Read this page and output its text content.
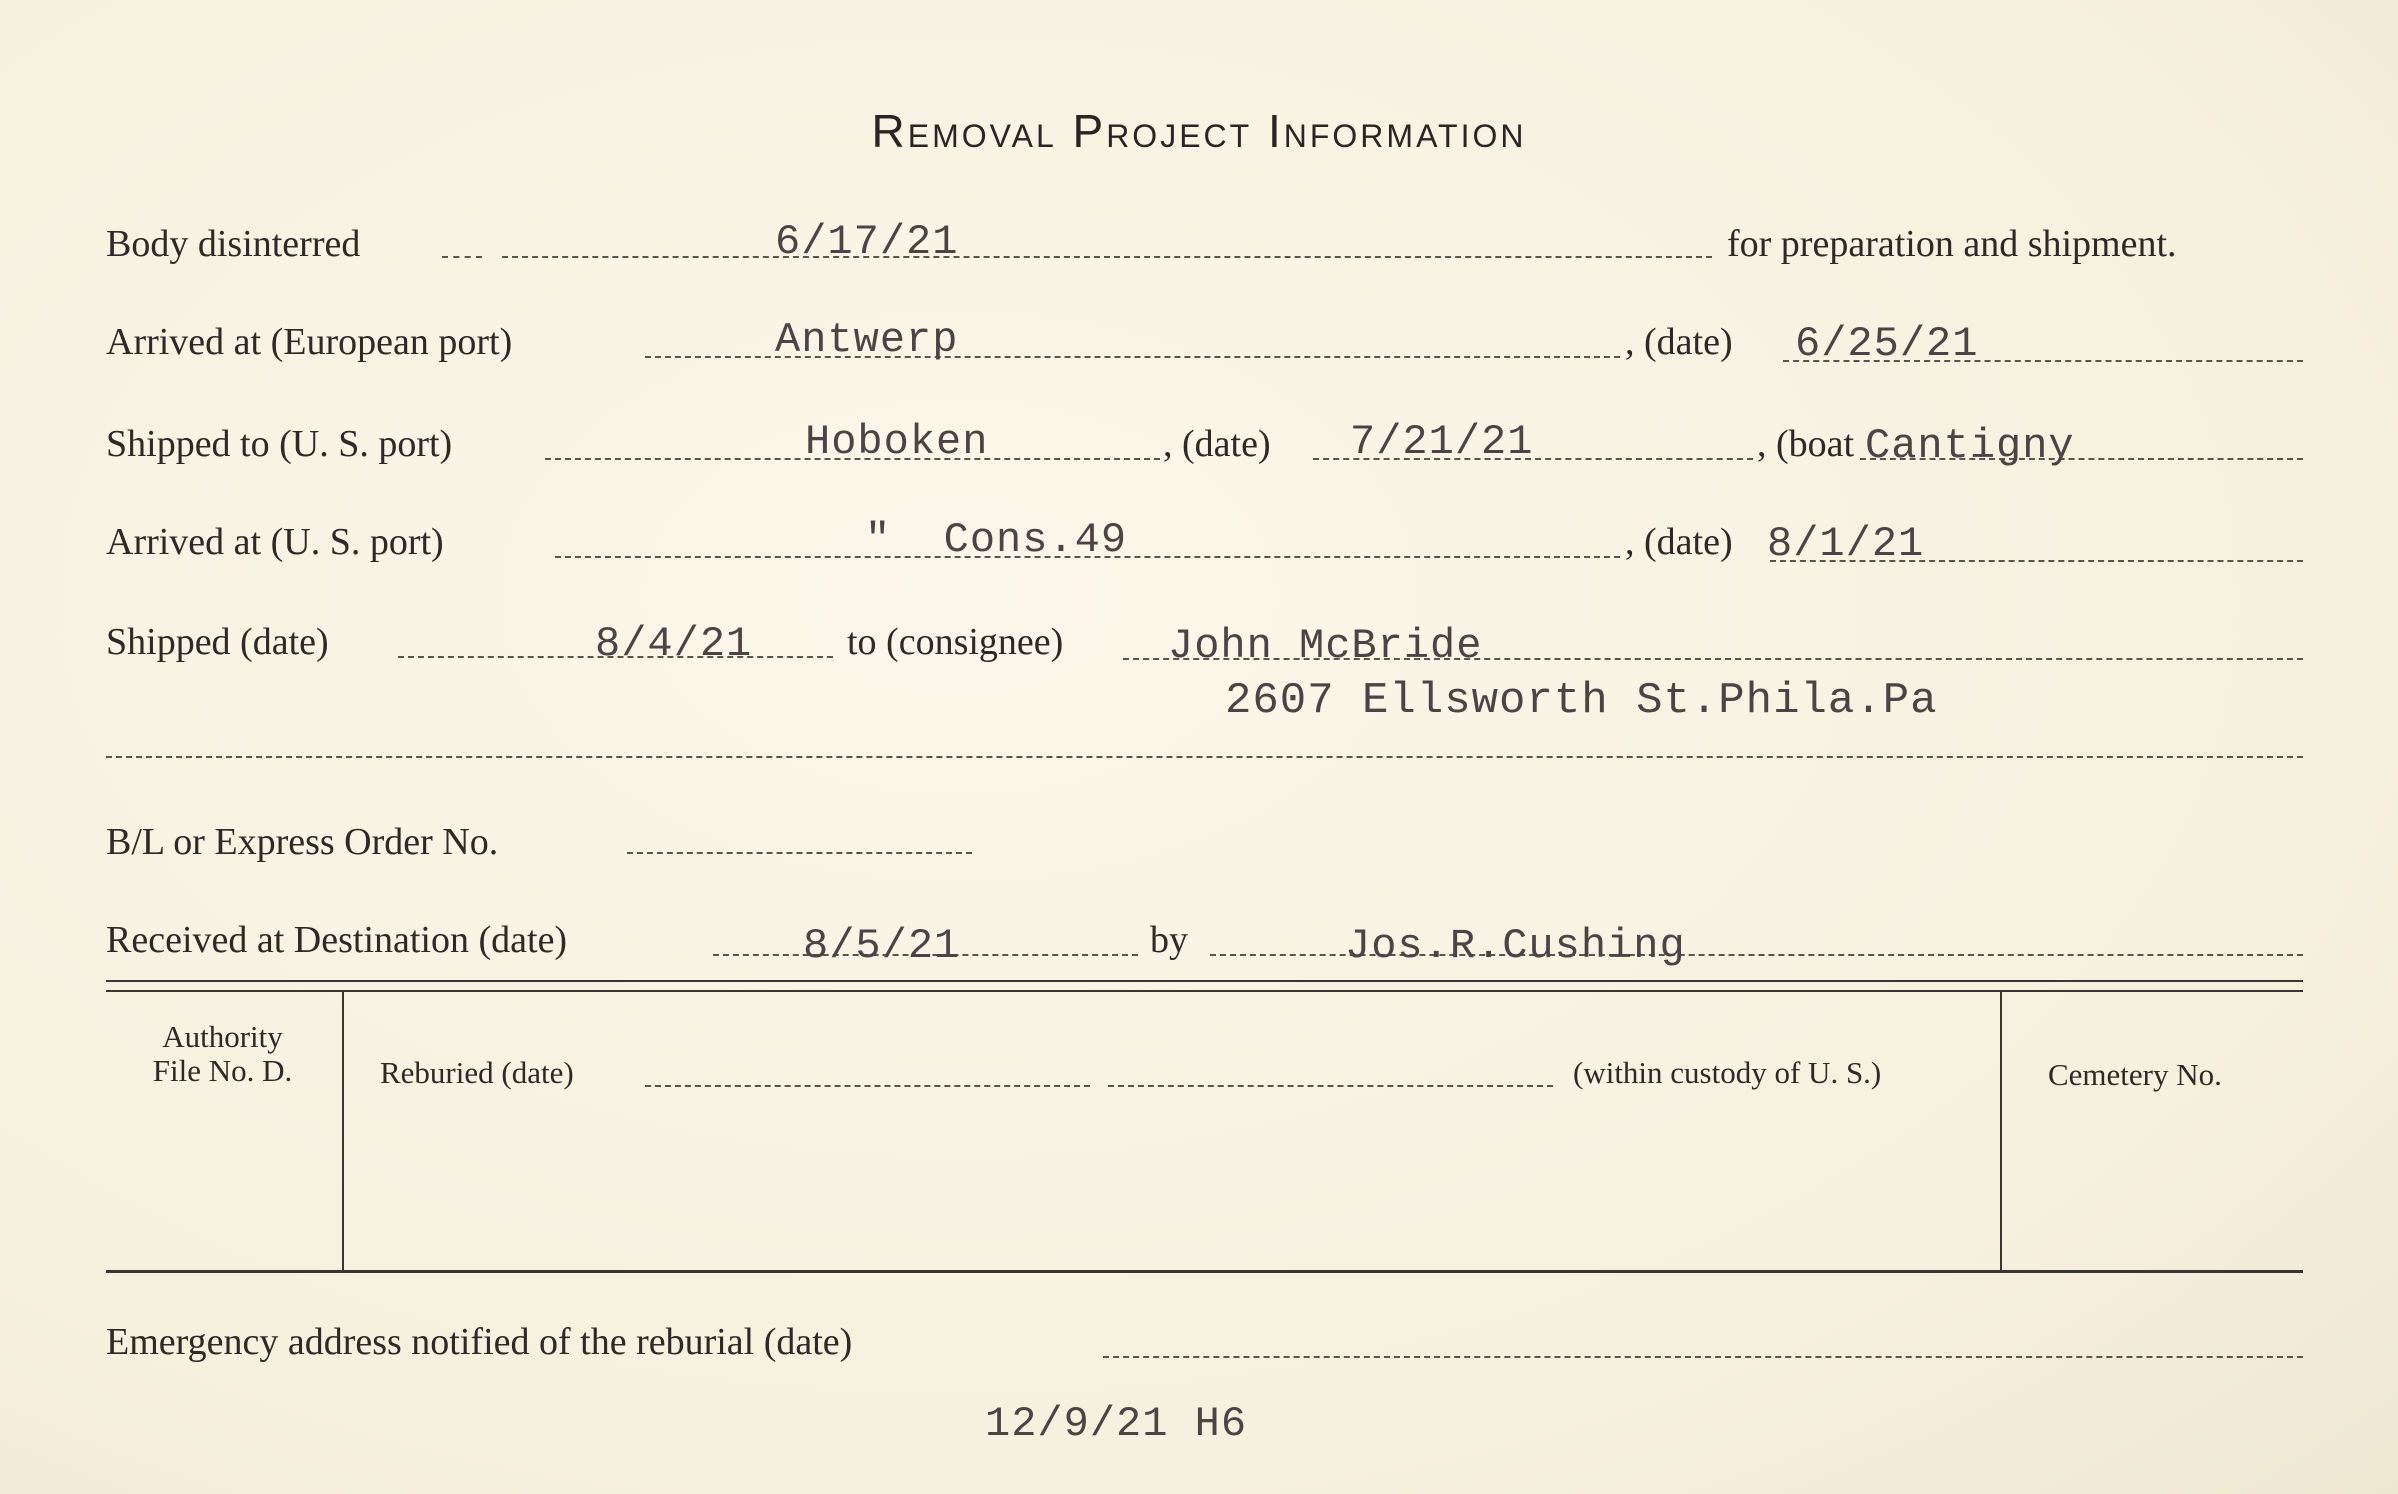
Removal Project Information
Body disinterred	6/17/21	for preparation and shipment.
Arrived at (European port)	Antwerp	, (date) 6/25/21
Shipped to (U. S. port)	Hoboken	, (date) 7/21/21	, (boat Cantigny
Arrived at (U. S. port)	"  Cons.49	, (date) 8/1/21
Shipped (date)	8/4/21 to (consignee) John McBride
2607 Ellsworth St.Phila.Pa
B/L or Express Order No.
Received at Destination (date)	8/5/21	by	Jos.R.Cushing
Authority
File No. D.	Reburied (date)	(within custody of U. S.)	Cemetery No.
Emergency address notified of the reburial (date)
12/9/21 H6
